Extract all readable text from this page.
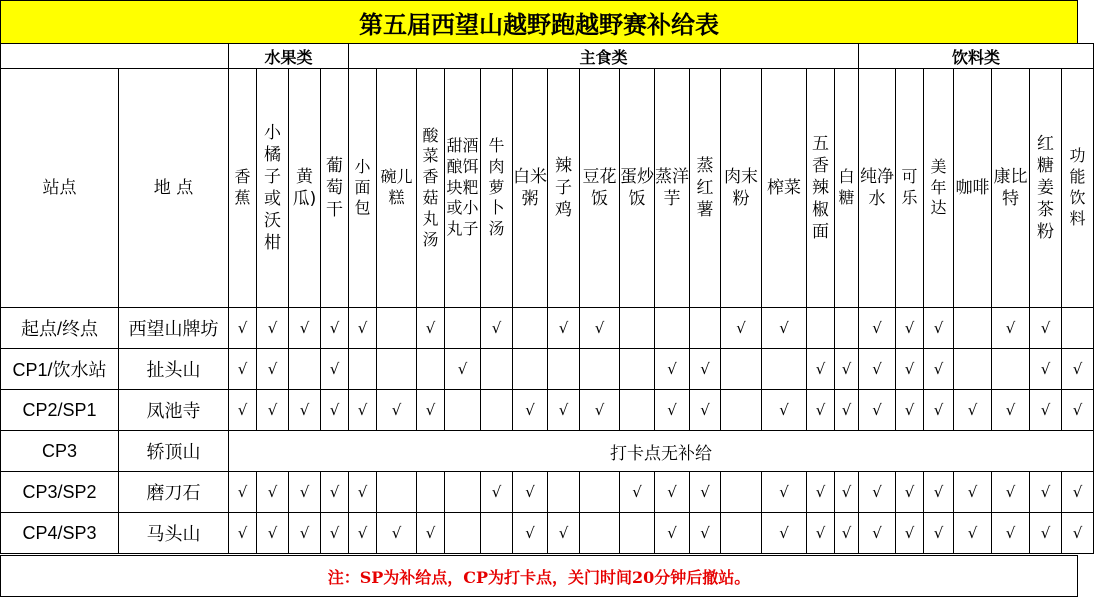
第五届西望山越野跑越野赛补给表
		水果类				主食类															饮料类						
站点	地 点	香蕉	小橘子或沃柑	黄瓜)	葡萄干	小面包	碗儿糕	酸菜香菇丸汤	甜酒酿饵块粑或小丸子	牛肉萝卜汤	白米粥	辣子鸡	豆花饭	蛋炒饭	蒸洋芋	蒸红薯	肉末粉	榨菜	五香辣椒面	白糖	纯净水	可乐	美年达	咖啡	康比特	红糖姜茶粉	功能饮料
起点/终点	西望山牌坊	√	√	√	√	√		√		√		√	√				√	√			√	√	√		√	√	
CP1/饮水站	扯头山	√	√		√				√						√	√			√	√	√	√	√			√	√
CP2/SP1	凤池寺	√	√	√	√	√	√	√			√	√	√		√	√		√	√	√	√	√	√	√	√	√	√
CP3	轿顶山	打卡点无补给																									
CP3/SP2	磨刀石	√	√	√	√	√				√	√			√	√	√		√	√	√	√	√	√	√	√	√	√
CP4/SP3	马头山	√	√	√	√	√	√	√			√	√			√	√		√	√	√	√	√	√	√	√	√	√
注：SP为补给点，CP为打卡点，关门时间20分钟后撤站。
